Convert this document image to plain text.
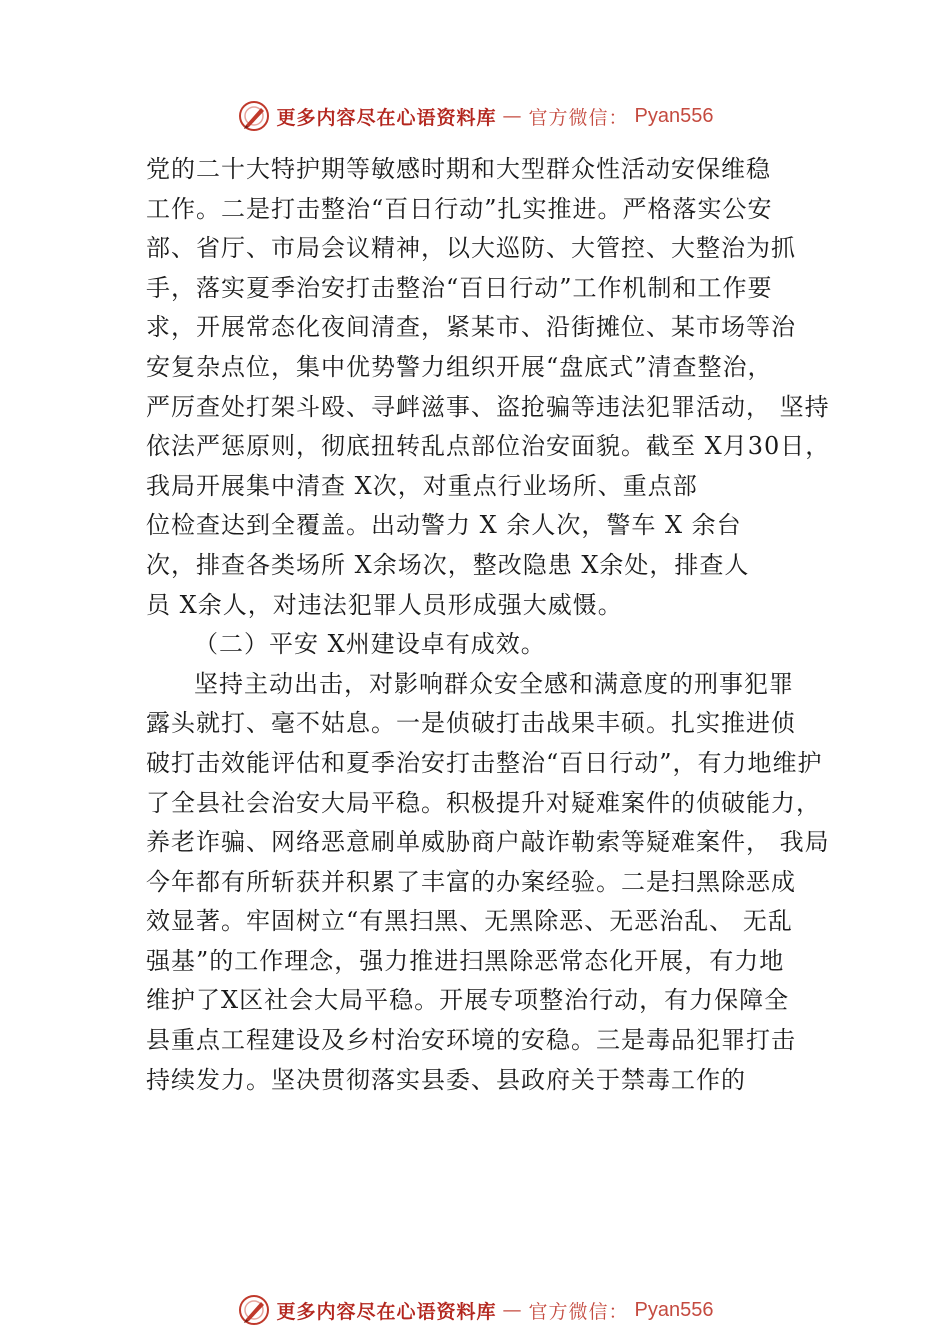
更多内容尽在心语资料库 — 官方微信： Pyan556
党的二十大特护期等敏感时期和大型群众性活动安保维稳
工作。二是打击整治“百日行动”扎实推进。严格落实公安
部、省厅、市局会议精神，以大巡防、大管控、大整治为抓
手，落实夏季治安打击整治“百日行动”工作机制和工作要
求，开展常态化夜间清查，紧某市、沿街摊位、某市场等治
安复杂点位，集中优势警力组织开展“盘底式”清查整治，
严厉查处打架斗殴、寻衅滋事、盗抢骗等违法犯罪活动， 坚持
依法严惩原则，彻底扭转乱点部位治安面貌。截至 X月30日，
我局开展集中清查 X次，对重点行业场所、重点部
位检查达到全覆盖。出动警力 X 余人次，警车 X 余台
次，排查各类场所 X余场次，整改隐患 X余处，排查人
员 X余人，对违法犯罪人员形成强大威慑。
（二）平安 X州建设卓有成效。
坚持主动出击，对影响群众安全感和满意度的刑事犯罪
露头就打、毫不姑息。一是侦破打击战果丰硕。扎实推进侦
破打击效能评估和夏季治安打击整治“百日行动”，有力地维护
了全县社会治安大局平稳。积极提升对疑难案件的侦破能力，
养老诈骗、网络恶意刷单威胁商户敲诈勒索等疑难案件， 我局
今年都有所斩获并积累了丰富的办案经验。二是扫黑除恶成
效显著。牢固树立“有黑扫黑、无黑除恶、无恶治乱、 无乱
强基”的工作理念，强力推进扫黑除恶常态化开展，有力地
维护了X区社会大局平稳。开展专项整治行动，有力保障全
县重点工程建设及乡村治安环境的安稳。三是毒品犯罪打击
持续发力。坚决贯彻落实县委、县政府关于禁毒工作的
更多内容尽在心语资料库 — 官方微信： Pyan556
